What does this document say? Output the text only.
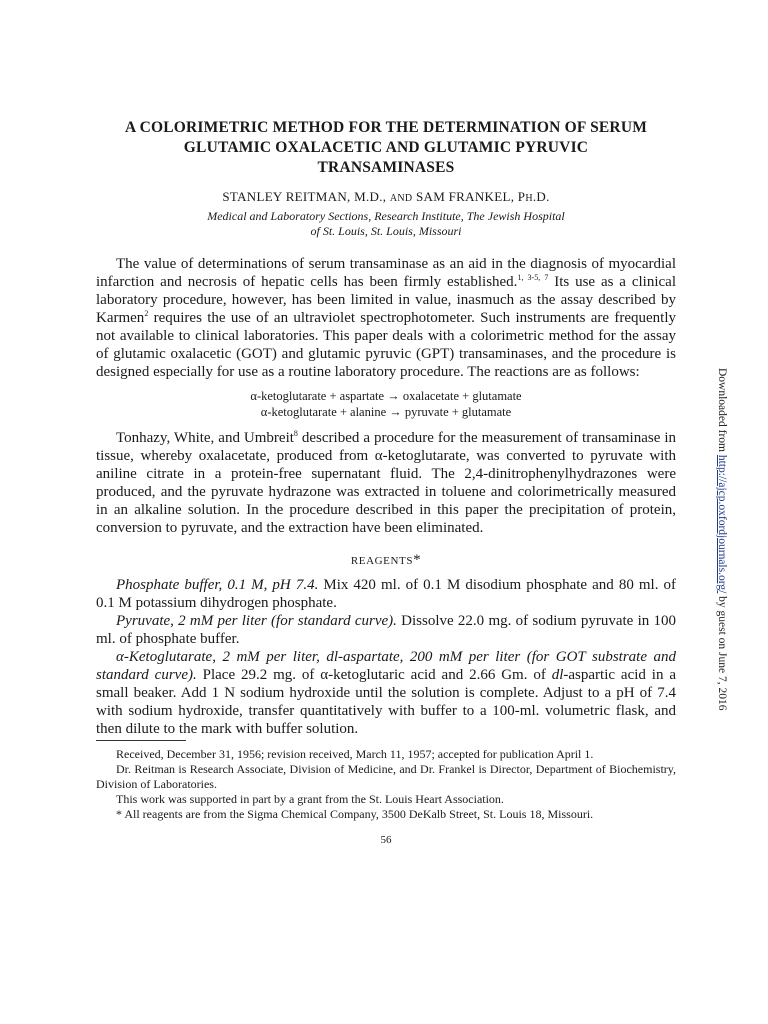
A COLORIMETRIC METHOD FOR THE DETERMINATION OF SERUM
GLUTAMIC OXALACETIC AND GLUTAMIC PYRUVIC
TRANSAMINASES
STANLEY REITMAN, M.D., AND SAM FRANKEL, PH.D.
Medical and Laboratory Sections, Research Institute, The Jewish Hospital
of St. Louis, St. Louis, Missouri

The value of determinations of serum transaminase as an aid in the diagnosis of myocardial infarction and necrosis of hepatic cells has been firmly established.$^{1, 3-5, 7}$ Its use as a clinical laboratory procedure, however, has been limited in value, inasmuch as the assay described by Karmen$^2$ requires the use of an ultraviolet spectrophotometer. Such instruments are frequently not available to clinical laboratories. This paper deals with a colorimetric method for the assay of glutamic oxalacetic (GOT) and glutamic pyruvic (GPT) transaminases, and the procedure is designed especially for use as a routine laboratory procedure. The reactions are as follows:

α-ketoglutarate + aspartate → oxalacetate + glutamate
α-ketoglutarate + alanine → pyruvate + glutamate

Tonhazy, White, and Umbreit$^8$ described a procedure for the measurement of transaminase in tissue, whereby oxalacetate, produced from α-ketoglutarate, was converted to pyruvate with aniline citrate in a protein-free supernatant fluid. The 2,4-dinitrophenylhydrazones were produced, and the pyruvate hydrazone was extracted in toluene and colorimetrically measured in an alkaline solution. In the procedure described in this paper the precipitation of protein, conversion to pyruvate, and the extraction have been eliminated.

REAGENTS*

Phosphate buffer, 0.1 M, pH 7.4. Mix 420 ml. of 0.1 M disodium phosphate and 80 ml. of 0.1 M potassium dihydrogen phosphate.

Pyruvate, 2 mM per liter (for standard curve). Dissolve 22.0 mg. of sodium pyruvate in 100 ml. of phosphate buffer.

α-Ketoglutarate, 2 mM per liter, dl-aspartate, 200 mM per liter (for GOT substrate and standard curve). Place 29.2 mg. of α-ketoglutaric acid and 2.66 Gm. of dl-aspartic acid in a small beaker. Add 1 N sodium hydroxide until the solution is complete. Adjust to a pH of 7.4 with sodium hydroxide, transfer quantitatively with buffer to a 100-ml. volumetric flask, and then dilute to the mark with buffer solution.

Received, December 31, 1956; revision received, March 11, 1957; accepted for publication April 1.

Dr. Reitman is Research Associate, Division of Medicine, and Dr. Frankel is Director, Department of Biochemistry, Division of Laboratories.

This work was supported in part by a grant from the St. Louis Heart Association.

* All reagents are from the Sigma Chemical Company, 3500 DeKalb Street, St. Louis 18, Missouri.

56
Downloaded from http://ajcp.oxfordjournals.org/ by guest on June 7, 2016
